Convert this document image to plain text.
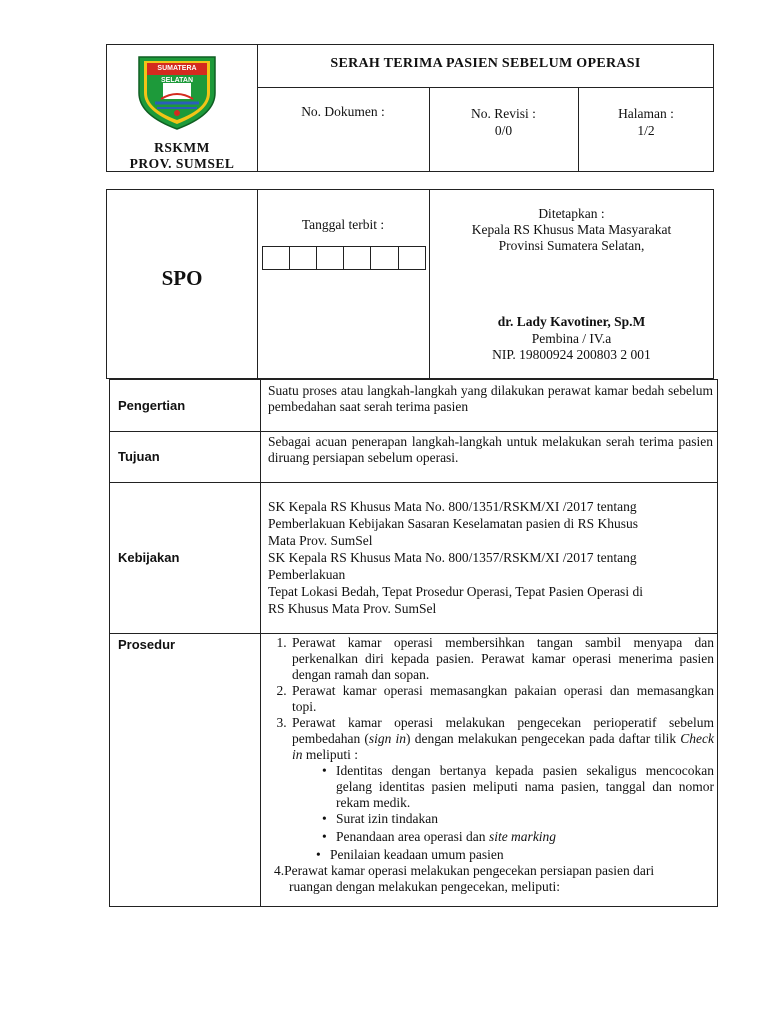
SUMATERA SELATAN
RSKMM
PROV. SUMSEL
SERAH TERIMA PASIEN SEBELUM OPERASI
No. Dokumen :	No. Revisi :
0/0
Halaman :
1/2
SPO
Tanggal terbit :
Ditetapkan :
Kepala RS Khusus Mata Masyarakat
Provinsi Sumatera Selatan,
dr. Lady Kavotiner, Sp.M
Pembina / IV.a
NIP. 19800924 200803 2 001
Pengertian
Suatu proses atau langkah-langkah yang dilakukan perawat kamar bedah sebelum pembedahan saat serah terima pasien
Tujuan
Sebagai acuan penerapan langkah-langkah untuk melakukan serah terima pasien diruang persiapan sebelum operasi.
Kebijakan
SK Kepala RS Khusus Mata No. 800/1351/RSKM/XI /2017 tentang
Pemberlakuan Kebijakan Sasaran Keselamatan pasien di RS Khusus
Mata Prov. SumSel
SK Kepala RS Khusus Mata No. 800/1357/RSKM/XI /2017 tentang
Pemberlakuan
Tepat Lokasi Bedah, Tepat Prosedur Operasi, Tepat Pasien Operasi di
RS Khusus Mata Prov. SumSel
Prosedur
1.	Perawat kamar operasi membersihkan tangan sambil menyapa dan perkenalkan diri kepada pasien. Perawat kamar operasi menerima pasien dengan ramah dan sopan.
2. Perawat kamar operasi memasangkan pakaian operasi dan memasangkan topi.
3. Perawat kamar operasi melakukan pengecekan perioperatif sebelum pembedahan (sign in) dengan melakukan pengecekan pada daftar tilik Check in meliputi :
• Identitas dengan bertanya kepada pasien sekaligus mencocokan gelang identitas pasien meliputi nama pasien, tanggal dan nomor rekam medik.
• Surat izin tindakan
• Penandaan area operasi dan site marking
• Penilaian keadaan umum pasien
4.Perawat kamar operasi melakukan pengecekan persiapan pasien dari
ruangan dengan melakukan pengecekan, meliputi:
